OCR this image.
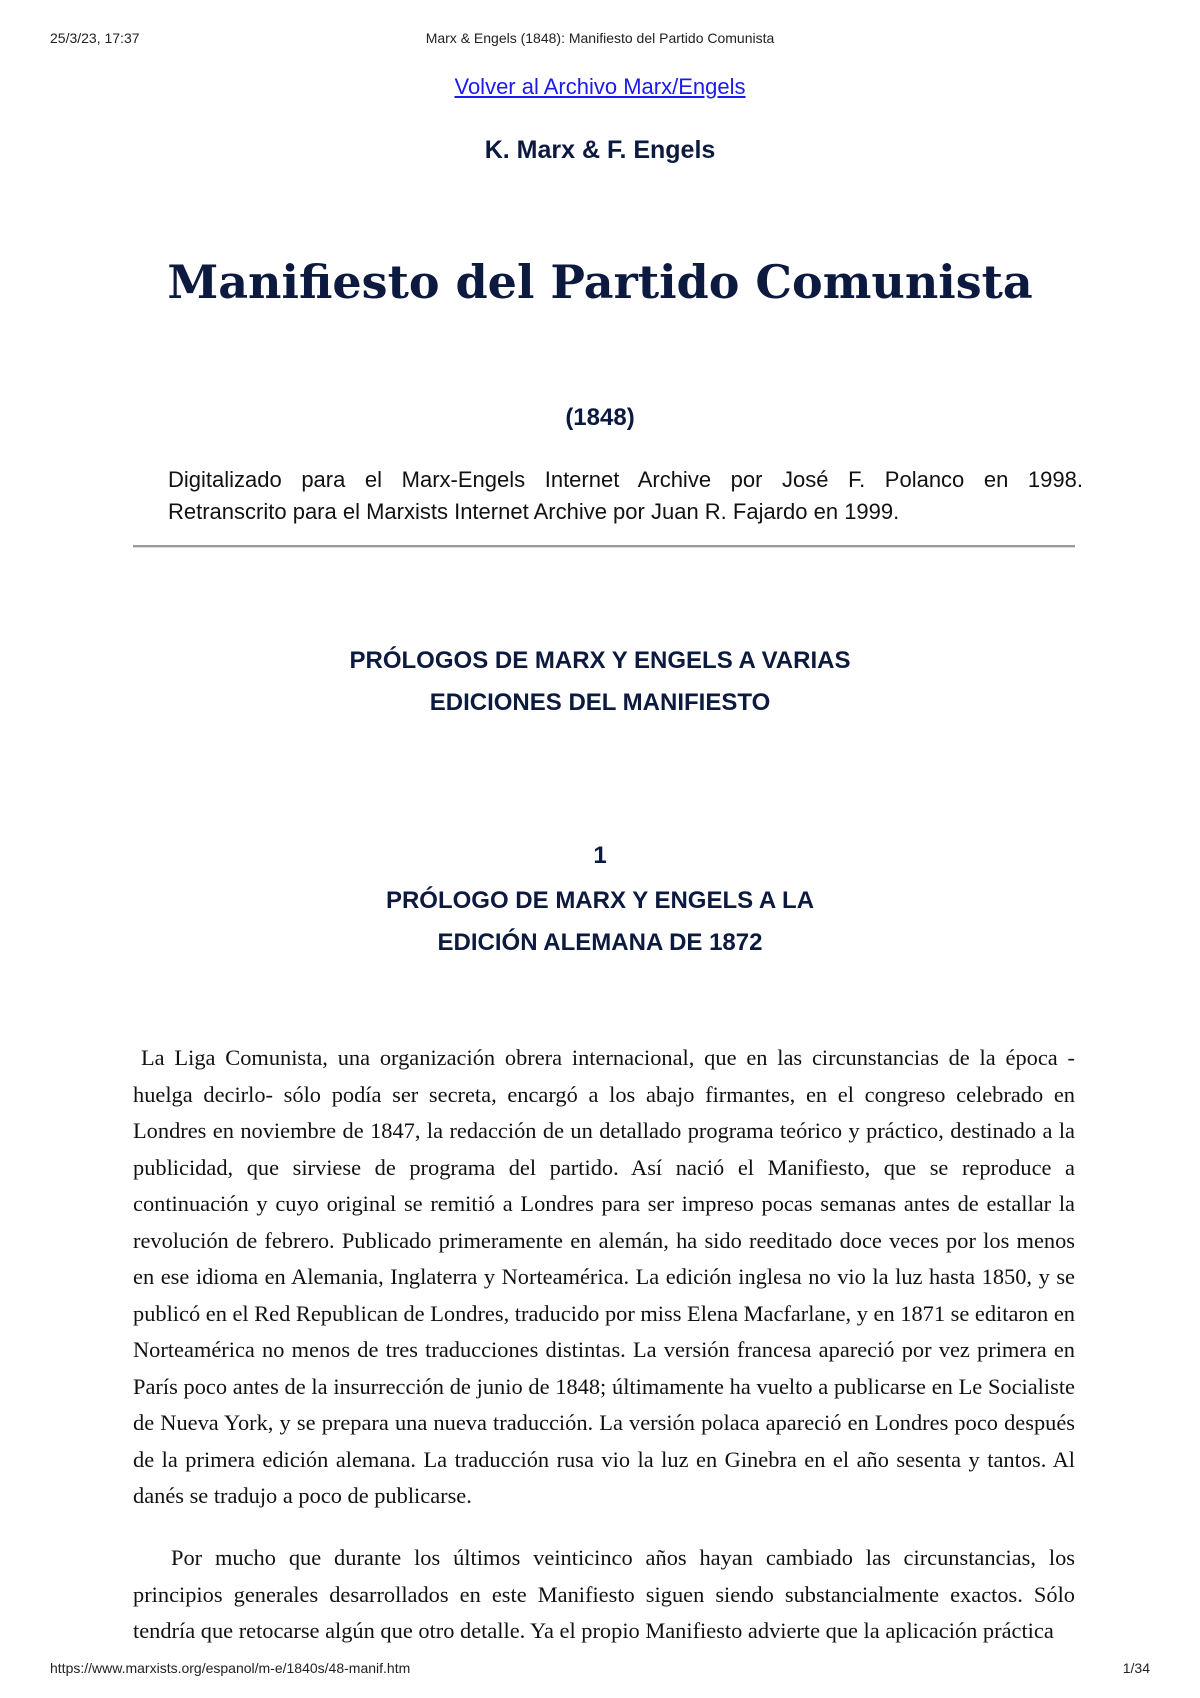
25/3/23, 17:37	Marx & Engels (1848): Manifiesto del Partido Comunista
Volver al Archivo Marx/Engels
K. Marx & F. Engels
Manifiesto del Partido Comunista
(1848)
Digitalizado para el Marx-Engels Internet Archive por José F. Polanco en 1998.
Retranscrito para el Marxists Internet Archive por Juan R. Fajardo en 1999.
PRÓLOGOS DE MARX Y ENGELS A VARIAS
EDICIONES DEL MANIFIESTO
1
PRÓLOGO DE MARX Y ENGELS A LA
EDICIÓN ALEMANA DE 1872

La Liga Comunista, una organización obrera internacional, que en las circunstancias de la época -huelga decirlo- sólo podía ser secreta, encargó a los abajo firmantes, en el congreso celebrado en Londres en noviembre de 1847, la redacción de un detallado programa teórico y práctico, destinado a la publicidad, que sirviese de programa del partido. Así nació el Manifiesto, que se reproduce a continuación y cuyo original se remitió a Londres para ser impreso pocas semanas antes de estallar la revolución de febrero. Publicado primeramente en alemán, ha sido reeditado doce veces por los menos en ese idioma en Alemania, Inglaterra y Norteamérica. La edición inglesa no vio la luz hasta 1850, y se publicó en el Red Republican de Londres, traducido por miss Elena Macfarlane, y en 1871 se editaron en Norteamérica no menos de tres traducciones distintas. La versión francesa apareció por vez primera en París poco antes de la insurrección de junio de 1848; últimamente ha vuelto a publicarse en Le Socialiste de Nueva York, y se prepara una nueva traducción. La versión polaca apareció en Londres poco después de la primera edición alemana. La traducción rusa vio la luz en Ginebra en el año sesenta y tantos. Al danés se tradujo a poco de publicarse.

Por mucho que durante los últimos veinticinco años hayan cambiado las circunstancias, los principios generales desarrollados en este Manifiesto siguen siendo substancialmente exactos. Sólo tendría que retocarse algún que otro detalle. Ya el propio Manifiesto advierte que la aplicación práctica

https://www.marxists.org/espanol/m-e/1840s/48-manif.htm	1/34
